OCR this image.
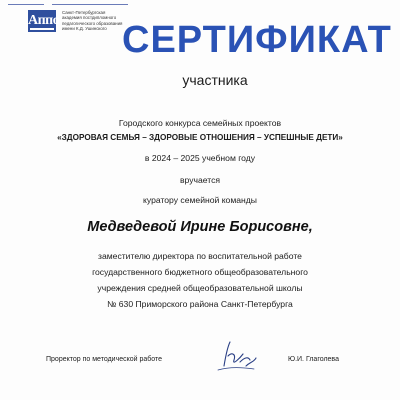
Aппo
Санкт-Петербургская
академия постдипломного
педагогического образования
имени К.Д. Ушинского СЕРТИФИКАТ
участника
Городского конкурса семейных проектов
«ЗДОРОВАЯ СЕМЬЯ – ЗДОРОВЫЕ ОТНОШЕНИЯ – УСПЕШНЫЕ ДЕТИ»
в 2024 – 2025 учебном году
вручается
куратору семейной команды
Медведевой Ирине Борисовне,
заместителю директора по воспитательной работе
государственного бюджетного общеобразовательного
учреждения средней общеобразовательной школы
№ 630 Приморского района Санкт-Петербурга
Проректор по методической работе	Ю.И. Глаголева
